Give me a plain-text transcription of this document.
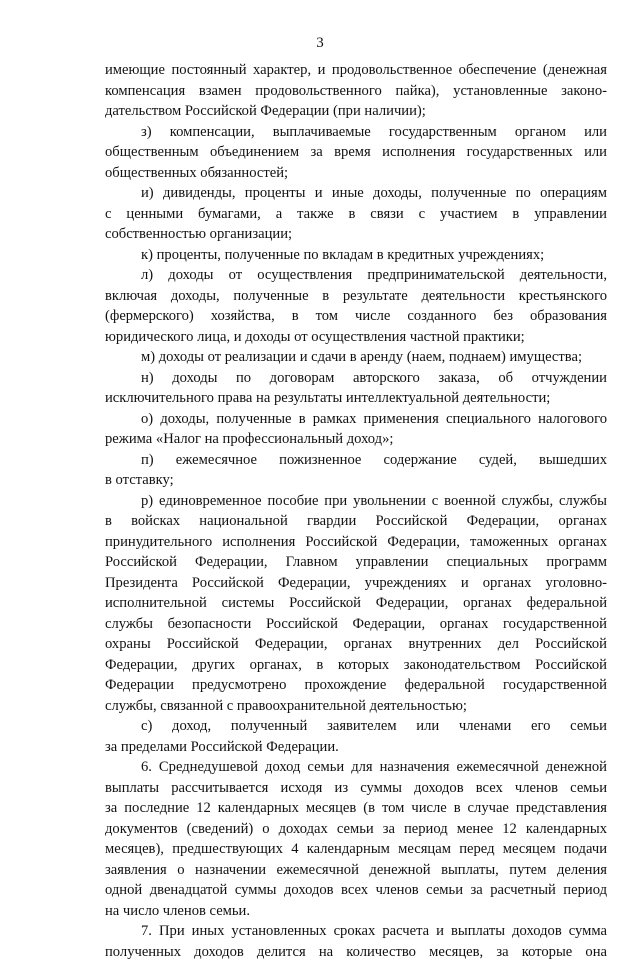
3
имеющие постоянный характер, и продовольственное обеспечение (денежная
компенсация взамен продовольственного пайка), установленные законо-
дательством Российской Федерации (при наличии);
з) компенсации, выплачиваемые государственным органом или
общественным объединением за время исполнения государственных или
общественных обязанностей;
и) дивиденды, проценты и иные доходы, полученные по операциям
с ценными бумагами, а также в связи с участием в управлении
собственностью организации;
к) проценты, полученные по вкладам в кредитных учреждениях;
л) доходы от осуществления предпринимательской деятельности,
включая доходы, полученные в результате деятельности крестьянского
(фермерского) хозяйства, в том числе созданного без образования
юридического лица, и доходы от осуществления частной практики;
м) доходы от реализации и сдачи в аренду (наем, поднаем) имущества;
н) доходы по договорам авторского заказа, об отчуждении
исключительного права на результаты интеллектуальной деятельности;
о) доходы, полученные в рамках применения специального налогового
режима «Налог на профессиональный доход»;
п) ежемесячное пожизненное содержание судей, вышедших
в отставку;
р) единовременное пособие при увольнении с военной службы, службы
в войсках национальной гвардии Российской Федерации, органах
принудительного исполнения Российской Федерации, таможенных органах
Российской Федерации, Главном управлении специальных программ
Президента Российской Федерации, учреждениях и органах уголовно-
исполнительной системы Российской Федерации, органах федеральной
службы безопасности Российской Федерации, органах государственной
охраны Российской Федерации, органах внутренних дел Российской
Федерации, других органах, в которых законодательством Российской
Федерации предусмотрено прохождение федеральной государственной
службы, связанной с правоохранительной деятельностью;
с) доход, полученный заявителем или членами его семьи
за пределами Российской Федерации.
6. Среднедушевой доход семьи для назначения ежемесячной денежной
выплаты рассчитывается исходя из суммы доходов всех членов семьи
за последние 12 календарных месяцев (в том числе в случае представления
документов (сведений) о доходах семьи за период менее 12 календарных
месяцев), предшествующих 4 календарным месяцам перед месяцем подачи
заявления о назначении ежемесячной денежной выплаты, путем деления
одной двенадцатой суммы доходов всех членов семьи за расчетный период
на число членов семьи.
7. При иных установленных сроках расчета и выплаты доходов сумма
полученных доходов делится на количество месяцев, за которые она
